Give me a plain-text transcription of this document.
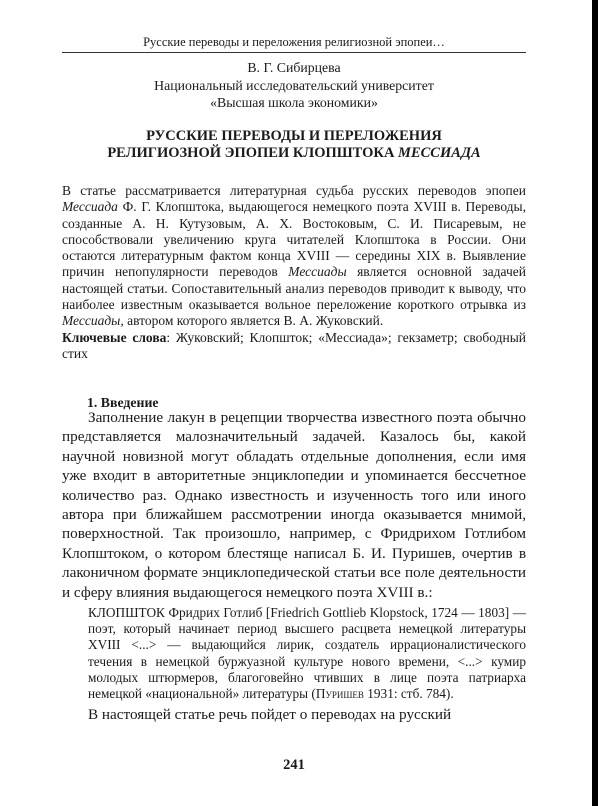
Русские переводы и переложения религиозной эпопеи…
В. Г. Сибирцева
Национальный исследовательский университет
«Высшая школа экономики»
РУССКИЕ ПЕРЕВОДЫ И ПЕРЕЛОЖЕНИЯ
РЕЛИГИОЗНОЙ ЭПОПЕИ КЛОПШТОКА МЕССИАДА

В статье рассматривается литературная судьба русских переводов эпопеи Мессиада Ф. Г. Клопштока, выдающегося немецкого поэта XVIII в. Переводы, созданные А. Н. Кутузовым, А. Х. Востоковым, С. И. Писаревым, не способствовали увеличению круга читателей Клопштока в России. Они остаются литературным фактом конца XVIII — середины XIX в. Выявление причин непопулярности переводов Мессиады является основной задачей настоящей статьи. Сопоставительный анализ переводов приводит к выводу, что наиболее известным оказывается вольное переложение короткого отрывка из Мессиады, автором которого является В. А. Жуковский.

Ключевые слова: Жуковский; Клопшток; «Мессиада»; гекзаметр; свободный стих

1. Введение

Заполнение лакун в рецепции творчества известного поэта обычно представляется малозначительный задачей. Казалось бы, какой научной новизной могут обладать отдельные дополнения, если имя уже входит в авторитетные энциклопедии и упоминается бессчетное количество раз. Однако известность и изученность того или иного автора при ближайшем рассмотрении иногда оказывается мнимой, поверхностной. Так произошло, например, с Фридрихом Готлибом Клопштоком, о котором блестяще написал Б. И. Пуришев, очертив в лаконичном формате энциклопедической статьи все поле деятельности и сферу влияния выдающегося немецкого поэта XVIII в.:

КЛОПШТОК Фридрих Готлиб [Friedrich Gottlieb Klopstock, 1724 — 1803] — поэт, который начинает период высшего расцвета немецкой литературы XVIII <...> — выдающийся лирик, создатель иррационалистического течения в немецкой буржуазной культуре нового времени, <...> кумир молодых штюрмеров, благоговейно чтивших в лице поэта патриарха немецкой «национальной» литературы (Пуришев 1931: стб. 784).

В настоящей статье речь пойдет о переводах на русский

241
